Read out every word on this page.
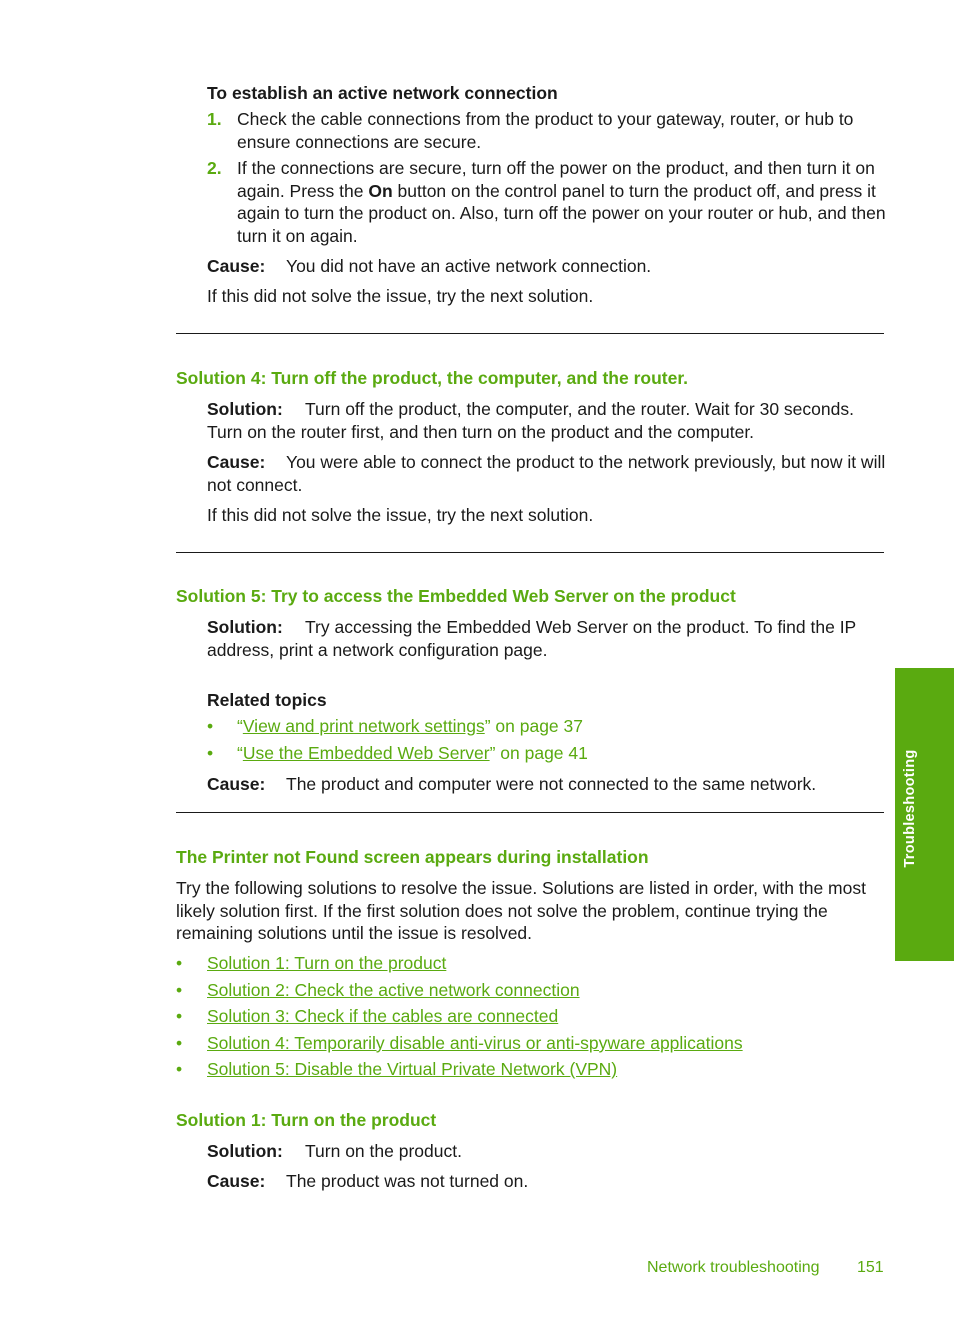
To establish an active network connection
1. Check the cable connections from the product to your gateway, router, or hub to ensure connections are secure.
2. If the connections are secure, turn off the power on the product, and then turn it on again. Press the On button on the control panel to turn the product off, and press it again to turn the product on. Also, turn off the power on your router or hub, and then turn it on again.
Cause: You did not have an active network connection.
If this did not solve the issue, try the next solution.
Solution 4: Turn off the product, the computer, and the router.
Solution: Turn off the product, the computer, and the router. Wait for 30 seconds. Turn on the router first, and then turn on the product and the computer.
Cause: You were able to connect the product to the network previously, but now it will not connect.
If this did not solve the issue, try the next solution.
Solution 5: Try to access the Embedded Web Server on the product
Solution: Try accessing the Embedded Web Server on the product. To find the IP address, print a network configuration page.
Related topics
• “View and print network settings” on page 37
• “Use the Embedded Web Server” on page 41
Cause: The product and computer were not connected to the same network.
The Printer not Found screen appears during installation
Try the following solutions to resolve the issue. Solutions are listed in order, with the most likely solution first. If the first solution does not solve the problem, continue trying the remaining solutions until the issue is resolved.
• Solution 1: Turn on the product
• Solution 2: Check the active network connection
• Solution 3: Check if the cables are connected
• Solution 4: Temporarily disable anti-virus or anti-spyware applications
• Solution 5: Disable the Virtual Private Network (VPN)
Solution 1: Turn on the product
Solution: Turn on the product.
Cause: The product was not turned on.
Troubleshooting
Network troubleshooting 151
